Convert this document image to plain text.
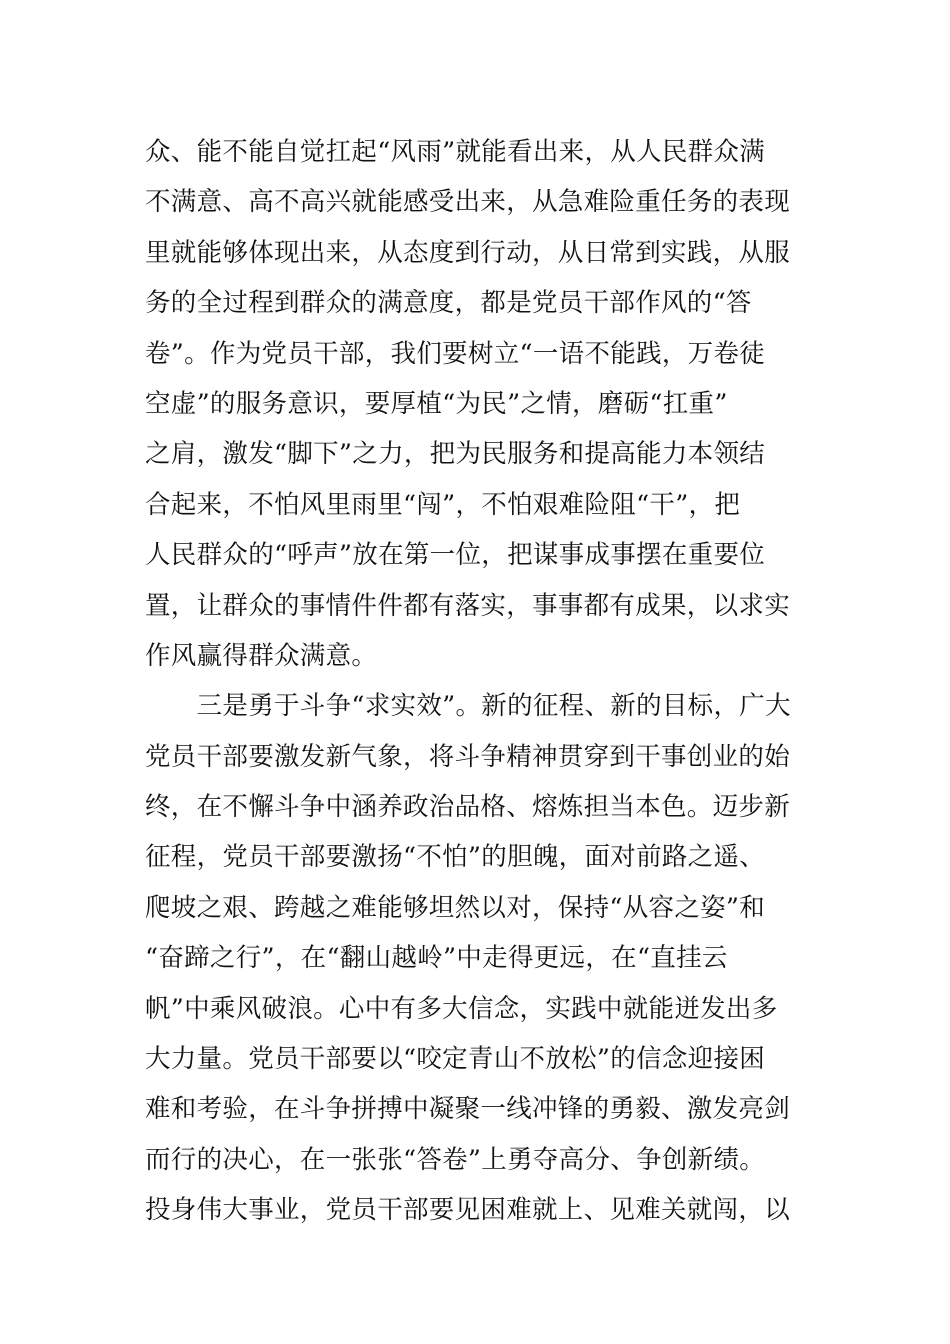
众、能不能自觉扛起“风雨”就能看出来，从人民群众满
不满意、高不高兴就能感受出来，从急难险重任务的表现
里就能够体现出来，从态度到行动，从日常到实践，从服
务的全过程到群众的满意度，都是党员干部作风的“答
卷”。作为党员干部，我们要树立“一语不能践，万卷徒
空虚”的服务意识，要厚植“为民”之情，磨砺“扛重”
之肩，激发“脚下”之力，把为民服务和提高能力本领结
合起来，不怕风里雨里“闯”，不怕艰难险阻“干”，把
人民群众的“呼声”放在第一位，把谋事成事摆在重要位
置，让群众的事情件件都有落实，事事都有成果，以求实
作风赢得群众满意。
　　三是勇于斗争“求实效”。新的征程、新的目标，广大
党员干部要激发新气象，将斗争精神贯穿到干事创业的始
终，在不懈斗争中涵养政治品格、熔炼担当本色。迈步新
征程，党员干部要激扬“不怕”的胆魄，面对前路之遥、
爬坡之艰、跨越之难能够坦然以对，保持“从容之姿”和
“奋蹄之行”，在“翻山越岭”中走得更远，在“直挂云
帆”中乘风破浪。心中有多大信念，实践中就能迸发出多
大力量。党员干部要以“咬定青山不放松”的信念迎接困
难和考验，在斗争拼搏中凝聚一线冲锋的勇毅、激发亮剑
而行的决心，在一张张“答卷”上勇夺高分、争创新绩。
投身伟大事业，党员干部要见困难就上、见难关就闯，以
